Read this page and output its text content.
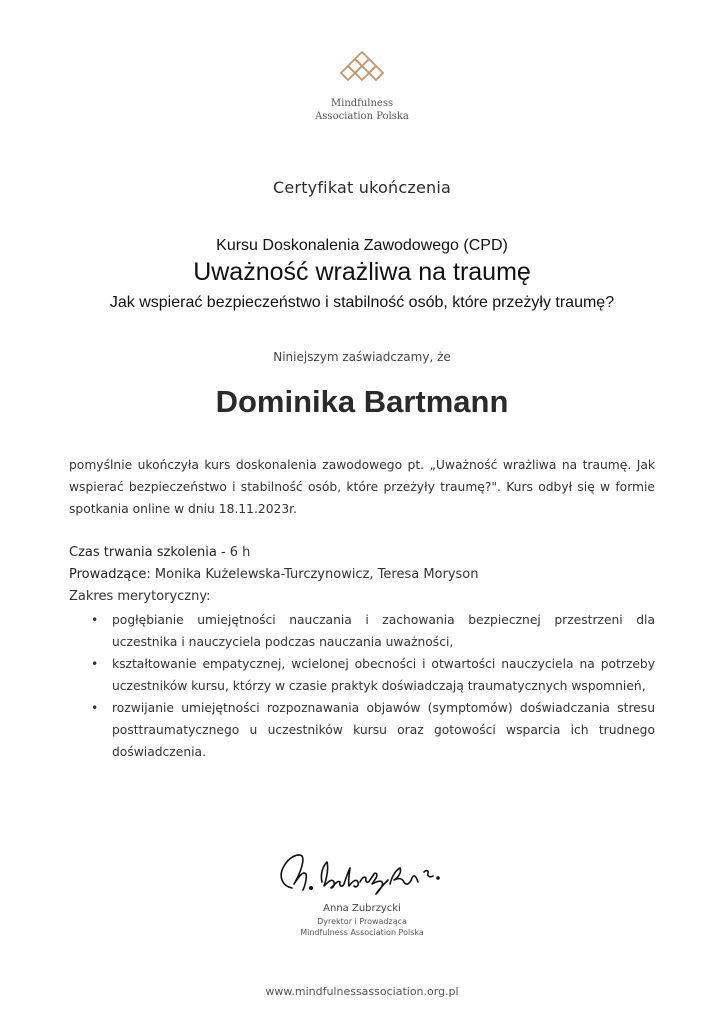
Mindfulness
Association Polska
Certyfikat ukończenia
Kursu Doskonalenia Zawodowego (CPD)
Uważność wrażliwa na traumę
Jak wspierać bezpieczeństwo i stabilność osób, które przeżyły traumę?
Niniejszym zaświadczamy, że
Dominika Bartmann
pomyślnie ukończyła kurs doskonalenia zawodowego pt. „Uważność wrażliwa na traumę. Jak wspierać bezpieczeństwo i stabilność osób, które przeżyły traumę?". Kurs odbył się w formie spotkania online w dniu 18.11.2023r.
Czas trwania szkolenia - 6 h
Prowadzące: Monika Kużelewska-Turczynowicz, Teresa Moryson
Zakres merytoryczny:
• pogłębianie umiejętności nauczania i zachowania bezpiecznej przestrzeni dla uczestnika i nauczyciela podczas nauczania uważności,
• kształtowanie empatycznej, wcielonej obecności i otwartości nauczyciela na potrzeby uczestników kursu, którzy w czasie praktyk doświadczają traumatycznych wspomnień,
• rozwijanie umiejętności rozpoznawania objawów (symptomów) doświadczania stresu posttraumatycznego u uczestników kursu oraz gotowości wsparcia ich trudnego doświadczenia.
Anna Zubrzycki
Dyrektor i Prowadząca
Mindfulness Association Polska
www.mindfulnessassociation.org.pl
